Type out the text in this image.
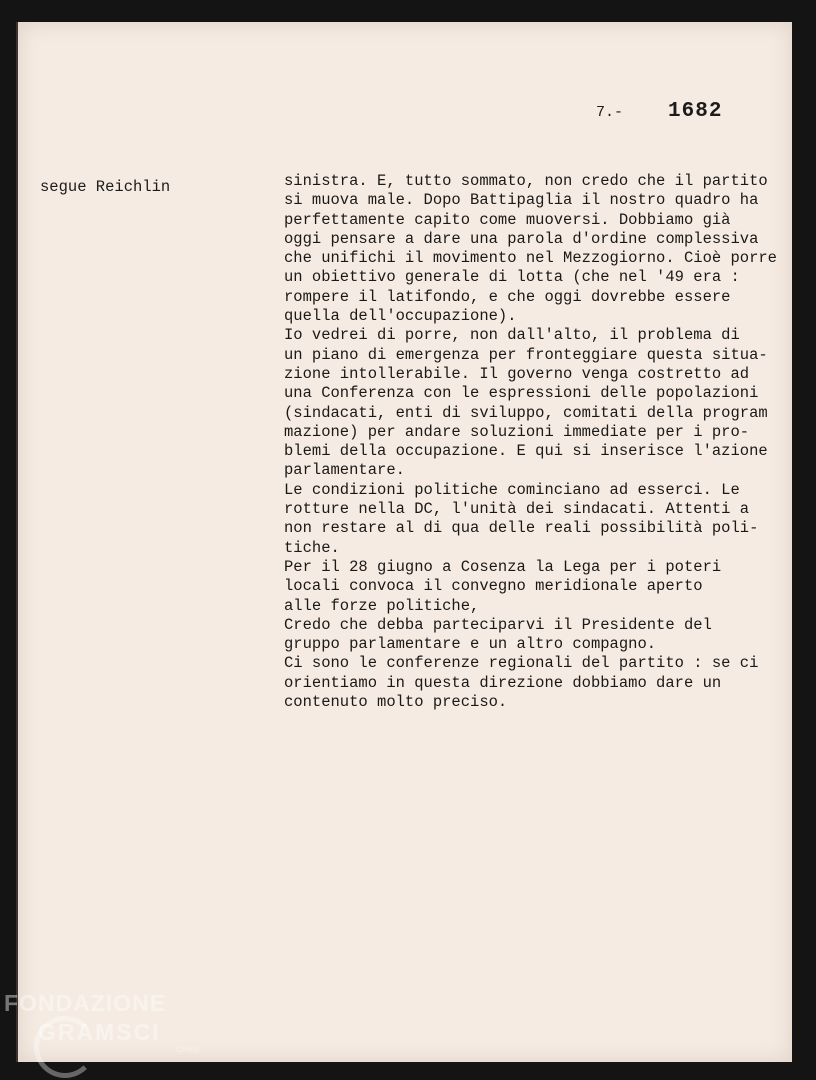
7.- 1682
segue Reichlin	sinistra. E, tutto sommato, non credo che il partito
si muova male. Dopo Battipaglia il nostro quadro ha
perfettamente capito come muoversi. Dobbiamo già
oggi pensare a dare una parola d'ordine complessiva
che unifichi il movimento nel Mezzogiorno. Cioè porre
un obiettivo generale di lotta (che nel '49 era :
rompere il latifondo, e che oggi dovrebbe essere
quella dell'occupazione).
Io vedrei di porre, non dall'alto, il problema di
un piano di emergenza per fronteggiare questa situa-
zione intollerabile. Il governo venga costretto ad
una Conferenza con le espressioni delle popolazioni
(sindacati, enti di sviluppo, comitati della program
mazione) per andare soluzioni immediate per i pro-
blemi della occupazione. E qui si inserisce l'azione
parlamentare.
Le condizioni politiche cominciano ad esserci. Le
rotture nella DC, l'unità dei sindacati. Attenti a
non restare al di qua delle reali possibilità poli-
tiche.
Per il 28 giugno a Cosenza la Lega per i poteri
locali convoca il convegno meridionale aperto
alle forze politiche,
Credo che debba parteciparvi il Presidente del
gruppo parlamentare e un altro compagno.
Ci sono le conferenze regionali del partito : se ci
orientiamo in questa direzione dobbiamo dare un
contenuto molto preciso.
FONDAZIONE
GRAMSCI
Onlus
